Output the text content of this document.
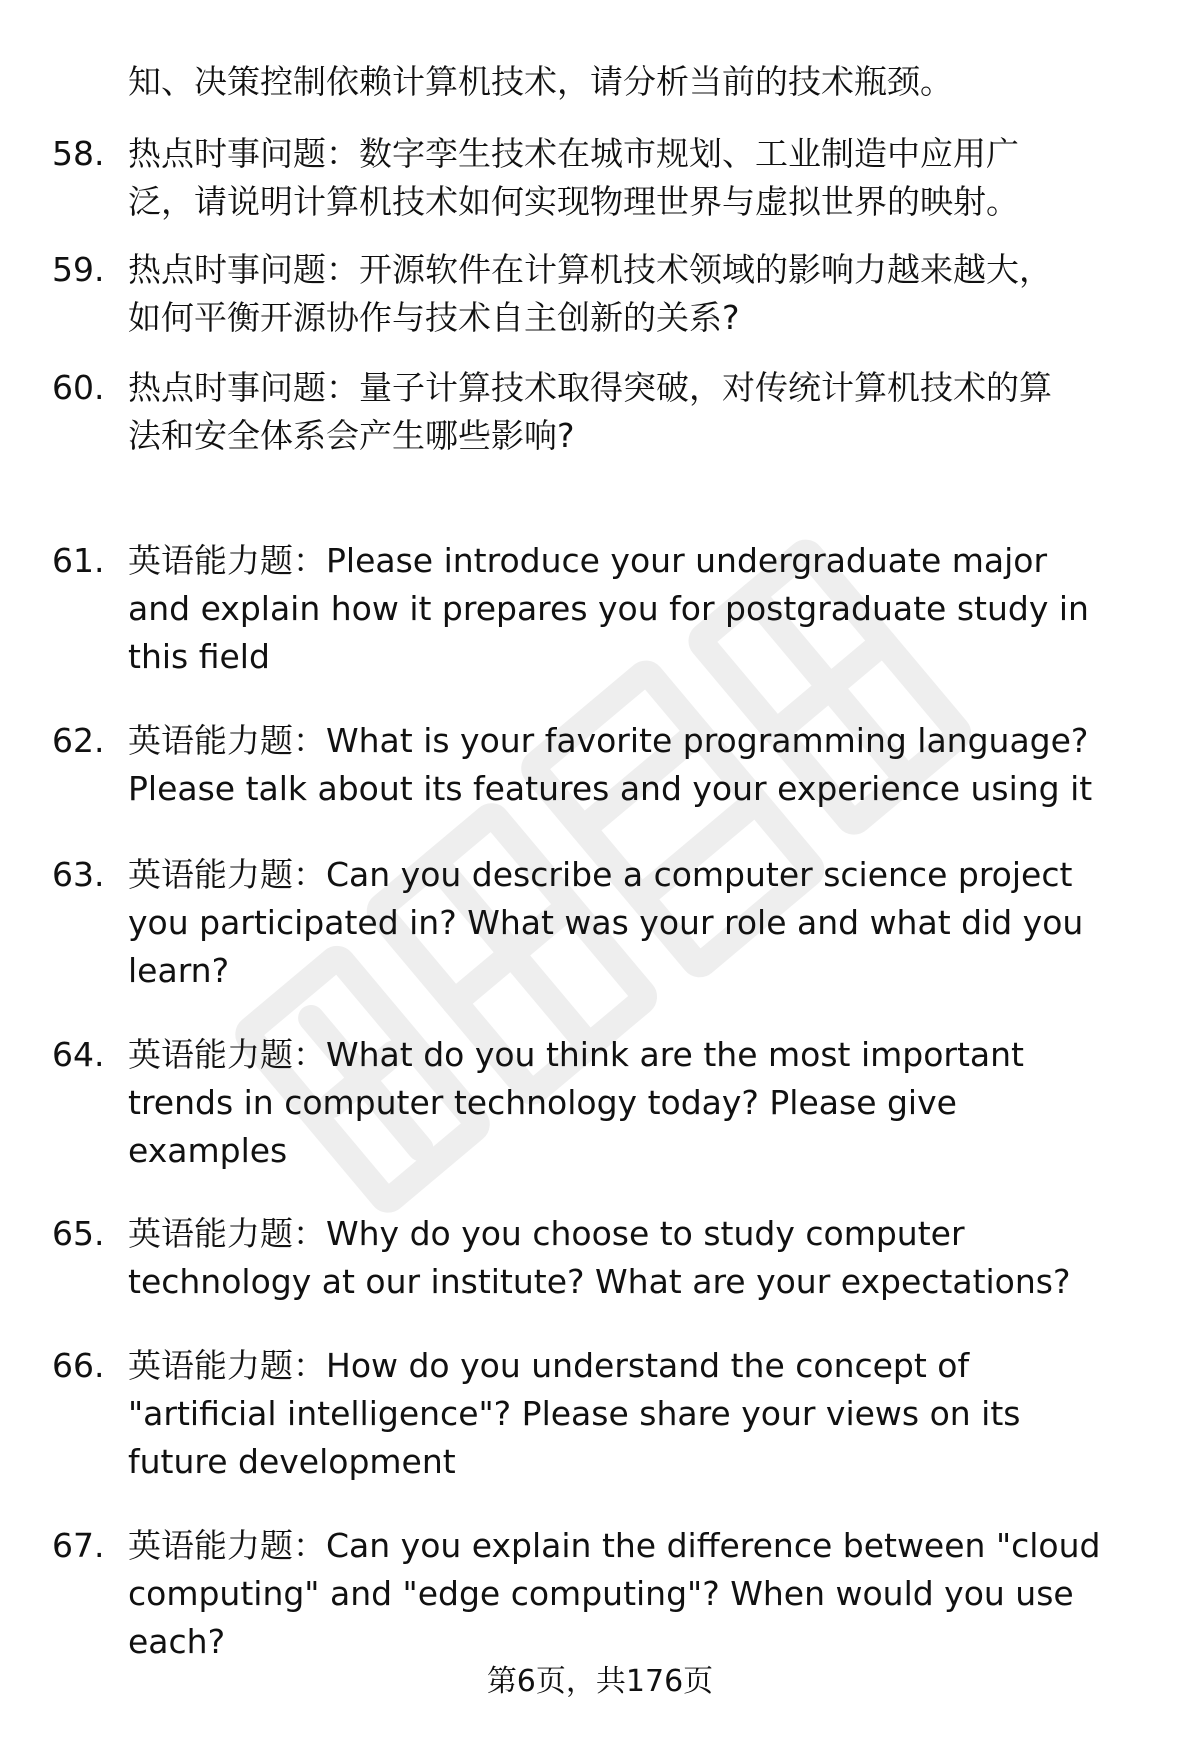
知、决策控制依赖计算机技术，请分析当前的技术瓶颈。
58. 热点时事问题：数字孪生技术在城市规划、工业制造中应用广
泛，请说明计算机技术如何实现物理世界与虚拟世界的映射。
59. 热点时事问题：开源软件在计算机技术领域的影响力越来越大，
如何平衡开源协作与技术自主创新的关系?
60. 热点时事问题：量子计算技术取得突破，对传统计算机技术的算
法和安全体系会产生哪些影响?
61. 英语能力题：Please introduce your undergraduate major
and explain how it prepares you for postgraduate study in
this field
62. 英语能力题：What is your favorite programming language?
Please talk about its features and your experience using it
63. 英语能力题：Can you describe a computer science project
you participated in? What was your role and what did you
learn?
64. 英语能力题：What do you think are the most important
trends in computer technology today? Please give
examples
65. 英语能力题：Why do you choose to study computer
technology at our institute? What are your expectations?
66. 英语能力题：How do you understand the concept of
"artificial intelligence"? Please share your views on its
future development
67. 英语能力题：Can you explain the difference between "cloud
computing" and "edge computing"? When would you use
each?
第6页，共176页
